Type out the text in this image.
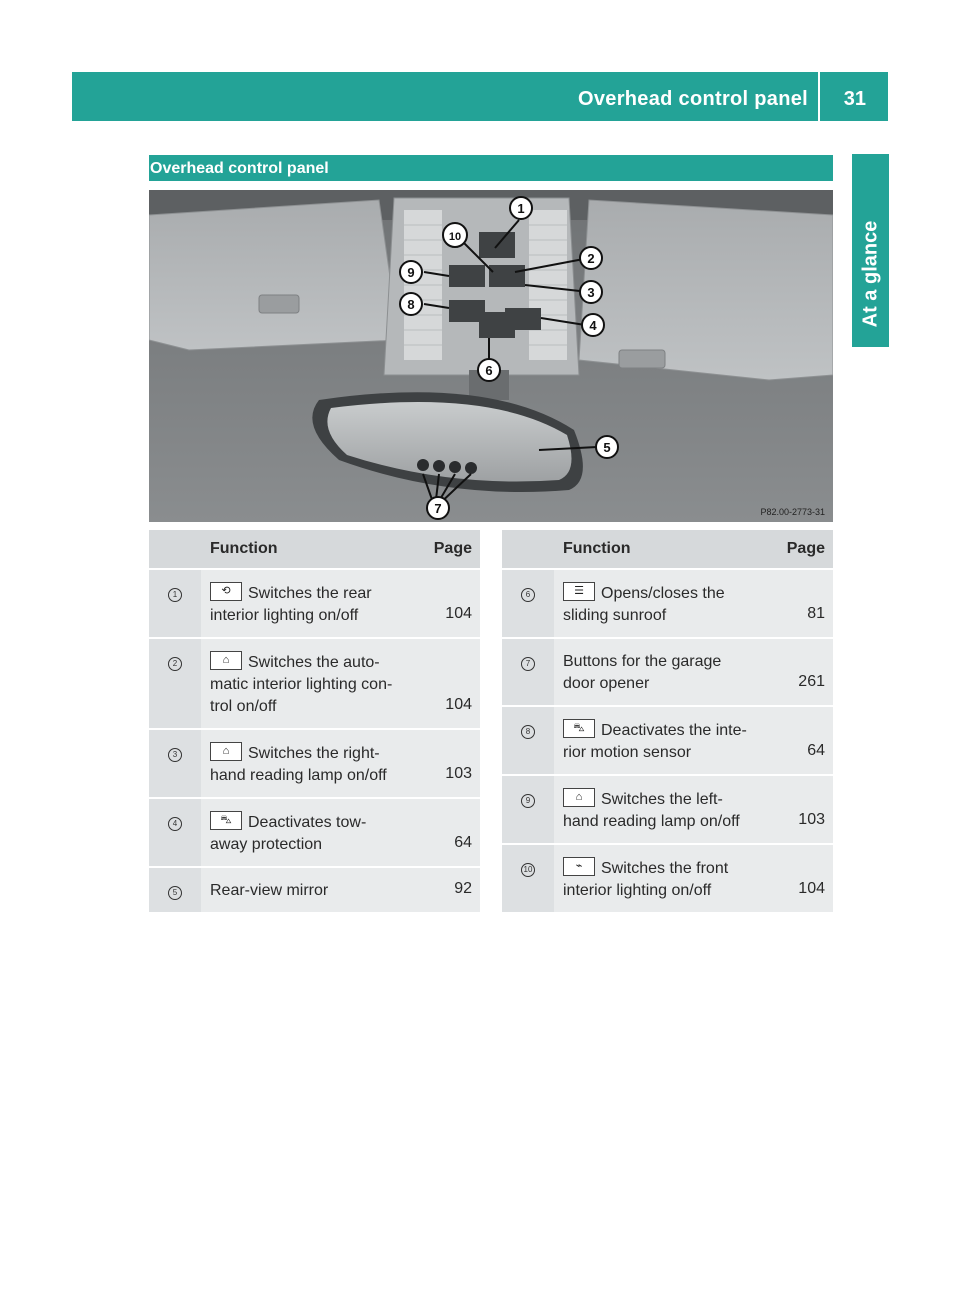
Overhead control panel	31
At a glance
Overhead control panel
1
2
3
4
5
6
7
8
9
10
P82.00-2773-31
	Function	Page
1	⟲ Switches the rear
interior lighting on/off	104
2	⌂ Switches the auto-
matic interior lighting con- trol on/off	104
3	⌂ Switches the right-
hand reading lamp on/off	103
4	⛍ Deactivates tow-
away protection	64
5	Rear-view mirror	92
	Function	Page
6	☰ Opens/closes the
sliding sunroof	81
7	Buttons for the garage door opener	261
8	⛍ Deactivates the inte-
rior motion sensor	64
9	⌂ Switches the left-
hand reading lamp on/off	103
10	⌁ Switches the front
interior lighting on/off	104
